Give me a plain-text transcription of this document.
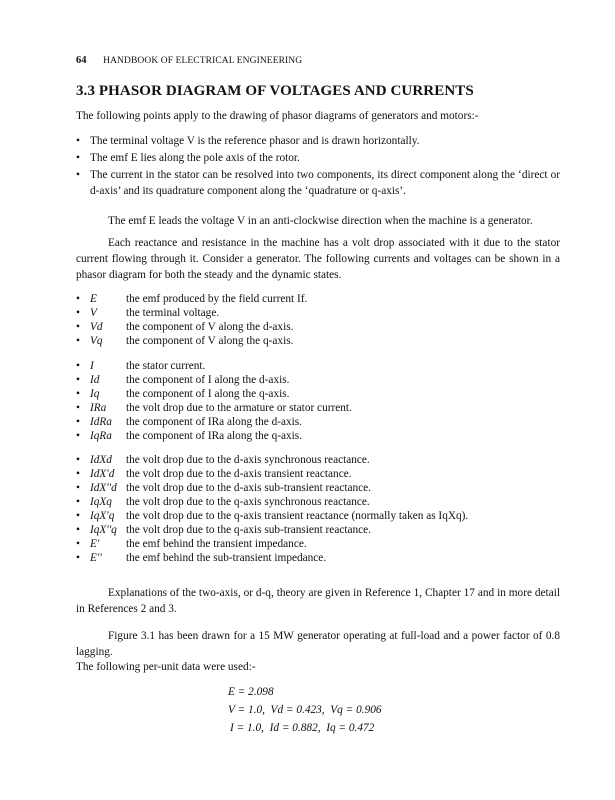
64 HANDBOOK OF ELECTRICAL ENGINEERING
3.3 PHASOR DIAGRAM OF VOLTAGES AND CURRENTS
The following points apply to the drawing of phasor diagrams of generators and motors:-
• The terminal voltage V is the reference phasor and is drawn horizontally.
• The emf E lies along the pole axis of the rotor.
• The current in the stator can be resolved into two components, its direct component along the ‘direct or d-axis’ and its quadrature component along the ‘quadrature or q-axis’.
The emf E leads the voltage V in an anti-clockwise direction when the machine is a generator.
Each reactance and resistance in the machine has a volt drop associated with it due to the stator current flowing through it. Consider a generator. The following currents and voltages can be shown in a phasor diagram for both the steady and the dynamic states.
• E	the emf produced by the field current If.
• V	the terminal voltage.
• Vd the component of V along the d-axis.
• Vq the component of V along the q-axis.
• I	the stator current.
• Id the component of I along the d-axis.
• Iq the component of I along the q-axis.
• IRa the volt drop due to the armature or stator current.
• IdRa the component of IRa along the d-axis.
• IqRa the component of IRa along the q-axis.
• IdXd the volt drop due to the d-axis synchronous reactance.
• IdX'd the volt drop due to the d-axis transient reactance.
• IdX''d the volt drop due to the d-axis sub-transient reactance.
• IqXq the volt drop due to the q-axis synchronous reactance.
• IqX'q the volt drop due to the q-axis transient reactance (normally taken as IqXq).
• IqX''q the volt drop due to the q-axis sub-transient reactance.
• E' the emf behind the transient impedance.
• E'' the emf behind the sub-transient impedance.
Explanations of the two-axis, or d-q, theory are given in Reference 1, Chapter 17 and in more detail in References 2 and 3.
Figure 3.1 has been drawn for a 15 MW generator operating at full-load and a power factor of 0.8 lagging.
The following per-unit data were used:-
E = 2.098
V = 1.0,  Vd = 0.423,  Vq = 0.906
I = 1.0,  Id = 0.882,  Iq = 0.472
